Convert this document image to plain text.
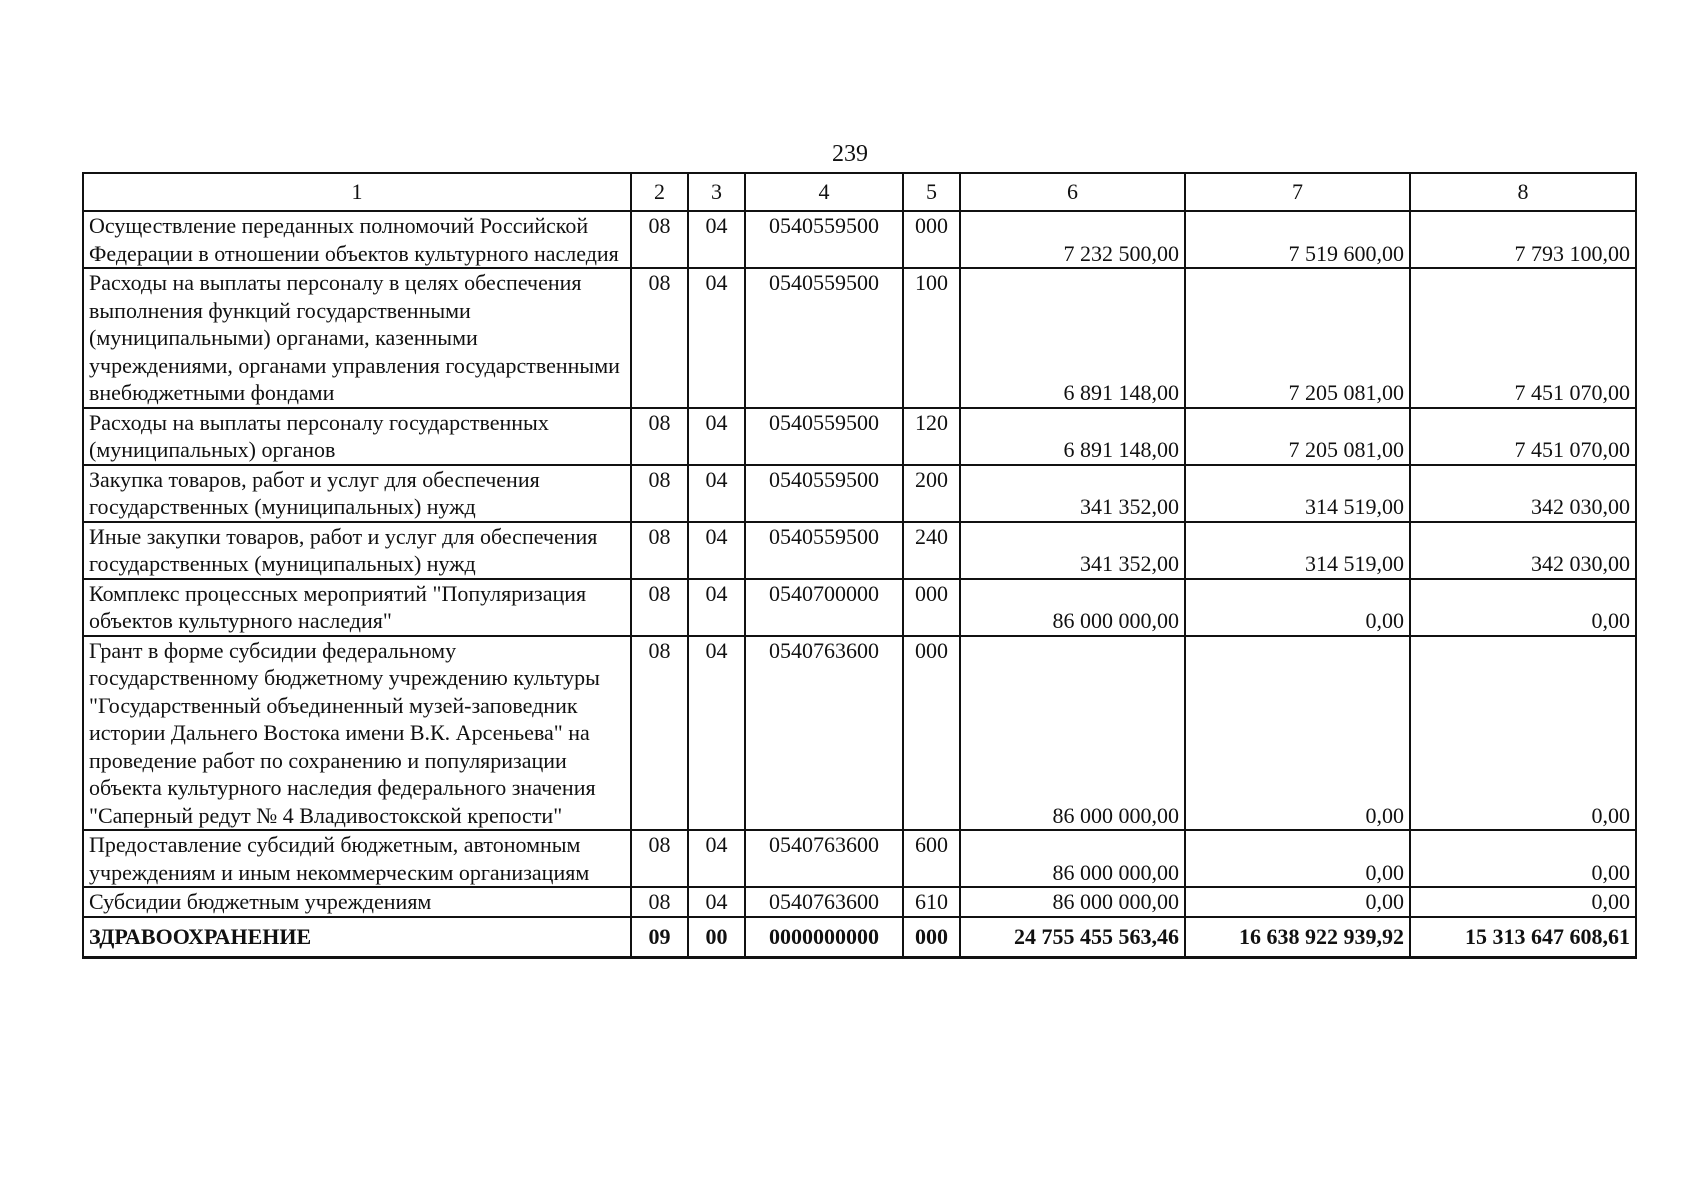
239
1	2	3	4	5	6	7	8
Осуществление переданных полномочий Российской Федерации в отношении объектов культурного наследия	08	04	0540559500	000	7 232 500,00	7 519 600,00	7 793 100,00
Расходы на выплаты персоналу в целях обеспечения выполнения функций государственными (муниципальными) органами, казенными учреждениями, органами управления государственными внебюджетными фондами	08	04	0540559500	100	6 891 148,00	7 205 081,00	7 451 070,00
Расходы на выплаты персоналу государственных (муниципальных) органов	08	04	0540559500	120	6 891 148,00	7 205 081,00	7 451 070,00
Закупка товаров, работ и услуг для обеспечения государственных (муниципальных) нужд	08	04	0540559500	200	341 352,00	314 519,00	342 030,00
Иные закупки товаров, работ и услуг для обеспечения государственных (муниципальных) нужд	08	04	0540559500	240	341 352,00	314 519,00	342 030,00
Комплекс процессных мероприятий "Популяризация объектов культурного наследия"	08	04	0540700000	000	86 000 000,00	0,00	0,00
Грант в форме субсидии федеральному государственному бюджетному учреждению культуры "Государственный объединенный музей-заповедник истории Дальнего Востока имени В.К. Арсеньева" на проведение работ по сохранению и популяризации объекта культурного наследия федерального значения "Саперный редут № 4 Владивостокской крепости"	08	04	0540763600	000	86 000 000,00	0,00	0,00
Предоставление субсидий бюджетным, автономным учреждениям и иным некоммерческим организациям	08	04	0540763600	600	86 000 000,00	0,00	0,00
Субсидии бюджетным учреждениям	08	04	0540763600	610	86 000 000,00	0,00	0,00
ЗДРАВООХРАНЕНИЕ	09	00	0000000000	000	24 755 455 563,46	16 638 922 939,92	15 313 647 608,61
